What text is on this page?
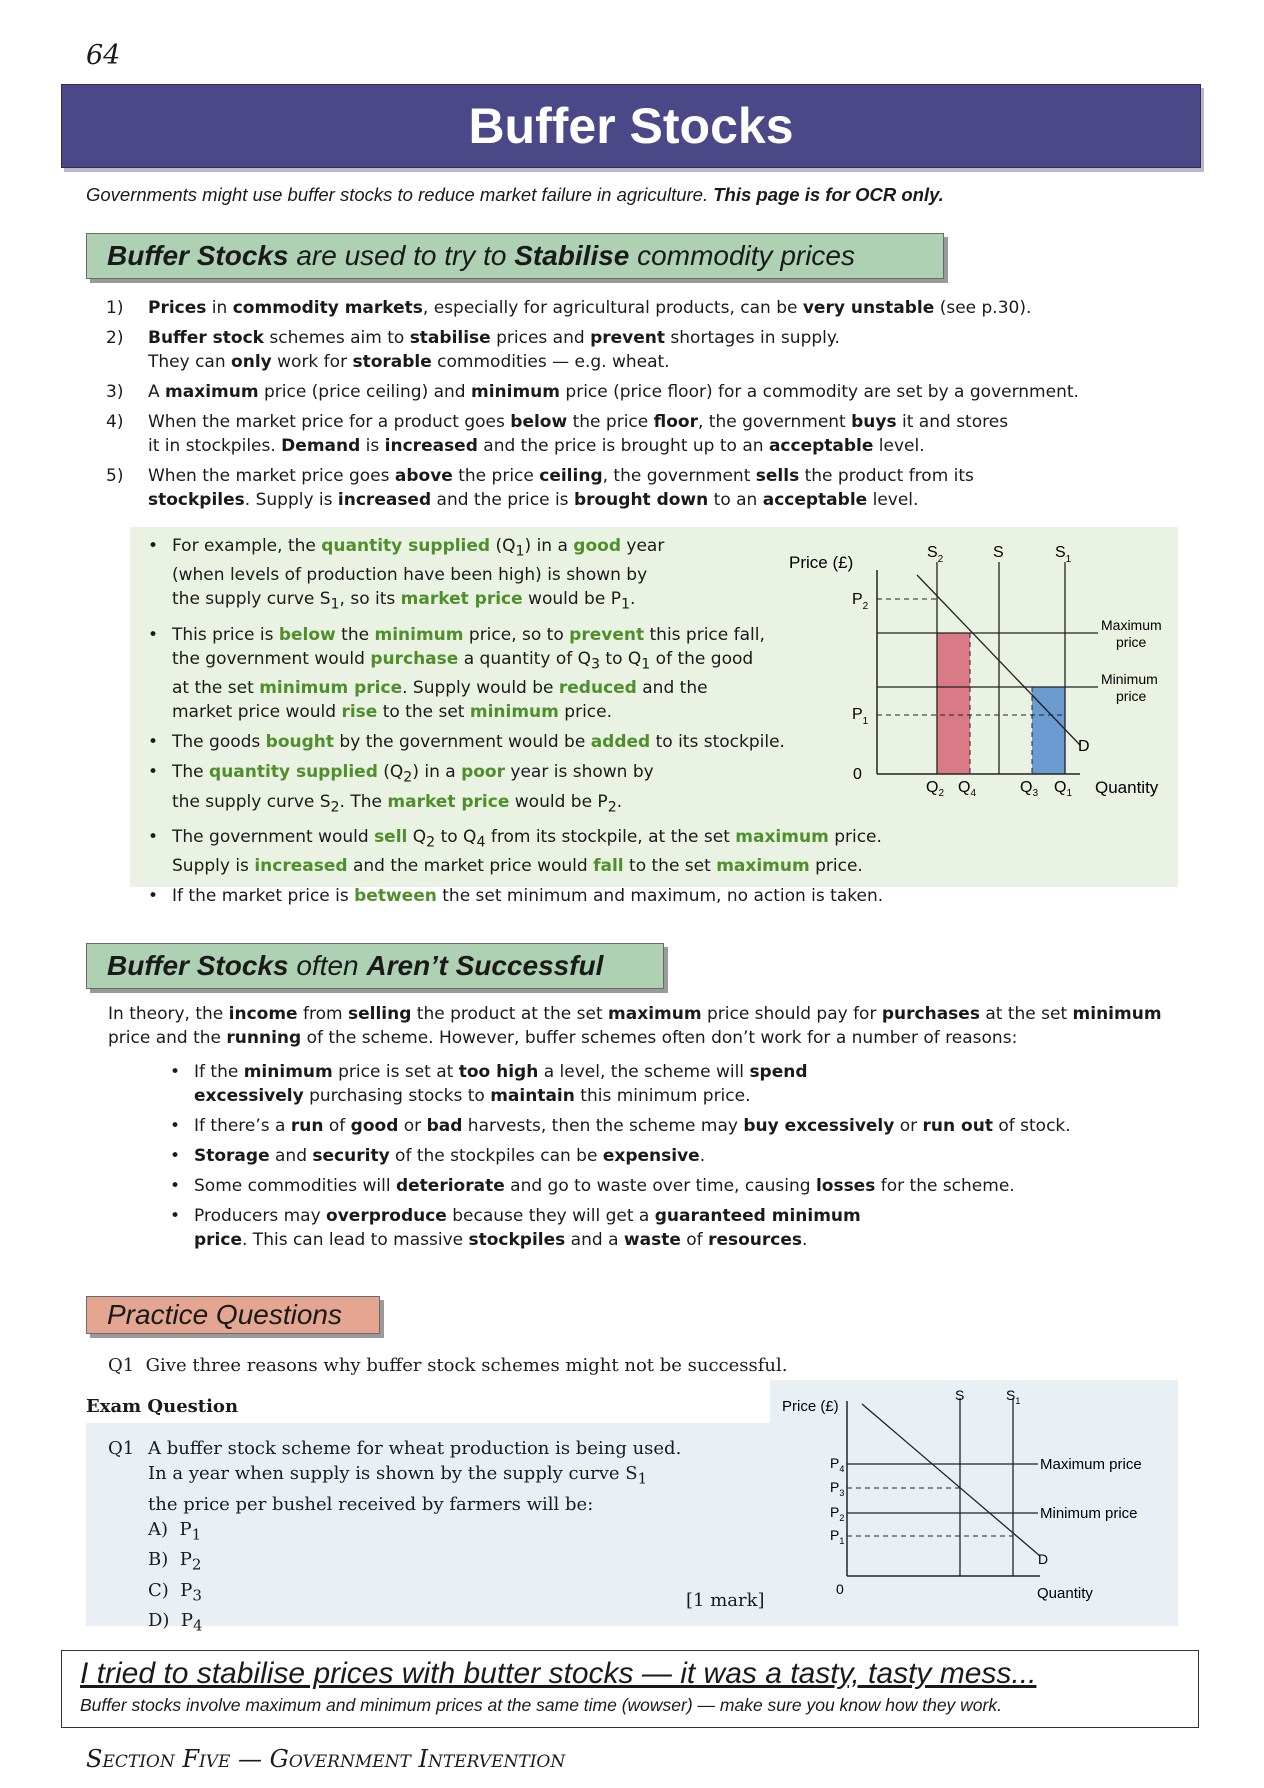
64
Buffer Stocks
Governments might use buffer stocks to reduce market failure in agriculture. This page is for OCR only.
Buffer Stocks are used to try to Stabilise commodity prices
1)	Prices in commodity markets, especially for agricultural products, can be very unstable (see p.30).
2)	Buffer stock schemes aim to stabilise prices and prevent shortages in supply.
They can only work for storable commodities — e.g. wheat.
3)	A maximum price (price ceiling) and minimum price (price floor) for a commodity are set by a government.
4)	When the market price for a product goes below the price floor, the government buys it and stores
it in stockpiles. Demand is increased and the price is brought up to an acceptable level.
5)	When the market price goes above the price ceiling, the government sells the product from its
stockpiles. Supply is increased and the price is brought down to an acceptable level.
• For example, the quantity supplied $(Q_1)$ in a good year
(when levels of production have been high) is shown by
the supply curve $S_1$, so its market price would be $P_1$.
• This price is below the minimum price, so to prevent this price fall,
the government would purchase a quantity of $Q_3$ to $Q_1$ of the good
at the set minimum price. Supply would be reduced and the
market price would rise to the set minimum price.
• The goods bought by the government would be added to its stockpile.
• The quantity supplied $(Q_2)$ in a poor year is shown by
the supply curve $S_2$. The market price would be $P_2$.
• The government would sell $Q_2$ to $Q_4$ from its stockpile, at the set maximum price.
Supply is increased and the market price would fall to the set maximum price.
• If the market price is between the set minimum and maximum, no action is taken.
Price (£)
0
Quantity
$S_2$	S	$S_1$
D
$P_2$
$P_1$
Maximum
price
Minimum
price
$Q_2$ $Q_4$	$Q_3$ $Q_1$
Buffer Stocks often Aren’t Successful
In theory, the income from selling the product at the set maximum price should pay for purchases at the set minimum
price and the running of the scheme. However, buffer schemes often don’t work for a number of reasons:
• If the minimum price is set at too high a level, the scheme will spend
excessively purchasing stocks to maintain this minimum price.
• If there’s a run of good or bad harvests, then the scheme may buy excessively or run out of stock.
• Storage and security of the stockpiles can be expensive.
• Some commodities will deteriorate and go to waste over time, causing losses for the scheme.
• Producers may overproduce because they will get a guaranteed minimum
price. This can lead to massive stockpiles and a waste of resources.
Practice Questions
Q1 Give three reasons why buffer stock schemes might not be successful.
Exam Question
Q1 A buffer stock scheme for wheat production is being used.
In a year when supply is shown by the supply curve $S_1$
the price per bushel received by farmers will be:
A) $P_1$
B) $P_2$
C) $P_3$
D) $P_4$
[1 mark]
Price (£)
0	Quantity
S	$S_1$
D
$P_4$
$P_3$
$P_2$
$P_1$
Maximum price
Minimum price
I tried to stabilise prices with butter stocks — it was a tasty, tasty mess...
Buffer stocks involve maximum and minimum prices at the same time (wowser) — make sure you know how they work.
Section Five — Government Intervention
